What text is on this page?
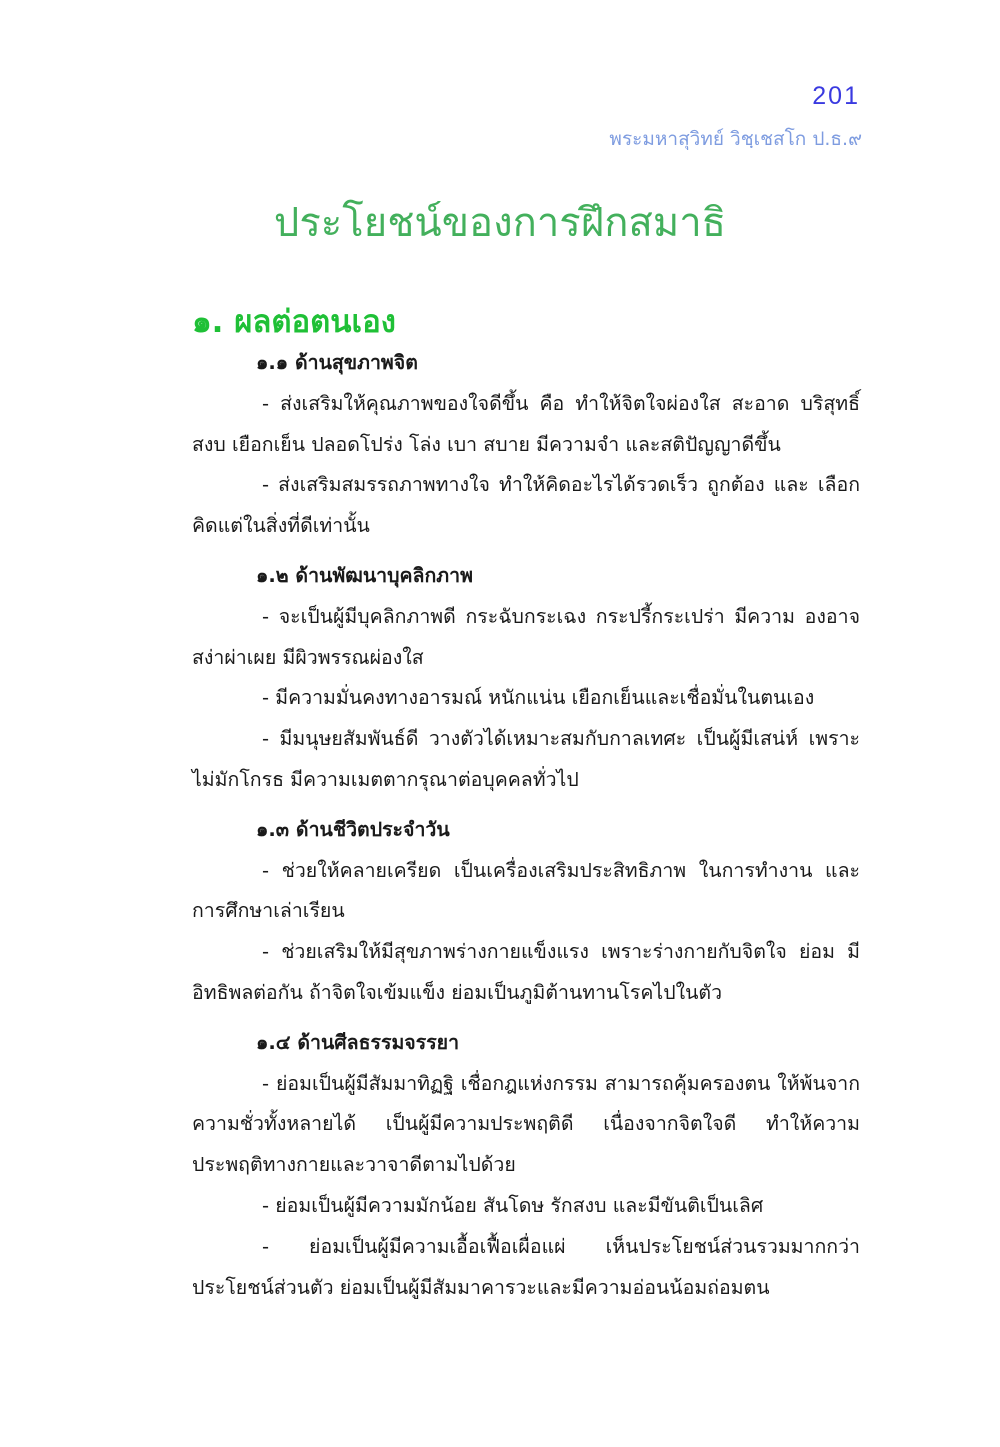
201
พระมหาสุวิทย์ วิชฺเชสโก ป.ธ.๙
ประโยชน์ของการฝึกสมาธิ
๑. ผลต่อตนเอง
๑.๑ ด้านสุขภาพจิต

- ส่งเสริมให้คุณภาพของใจดีขึ้น คือ ทำให้จิตใจผ่องใส สะอาด บริสุทธิ์ สงบ เยือกเย็น ปลอดโปร่ง โล่ง เบา สบาย มีความจำ และสติปัญญาดีขึ้น

- ส่งเสริมสมรรถภาพทางใจ ทำให้คิดอะไรได้รวดเร็ว ถูกต้อง และ เลือกคิดแต่ในสิ่งที่ดีเท่านั้น

๑.๒ ด้านพัฒนาบุคลิกภาพ

- จะเป็นผู้มีบุคลิกภาพดี กระฉับกระเฉง กระปรี้กระเปร่า มีความ องอาจสง่าผ่าเผย มีผิวพรรณผ่องใส

- มีความมั่นคงทางอารมณ์ หนักแน่น เยือกเย็นและเชื่อมั่นในตนเอง

- มีมนุษยสัมพันธ์ดี วางตัวได้เหมาะสมกับกาลเทศะ เป็นผู้มีเสน่ห์ เพราะไม่มักโกรธ มีความเมตตากรุณาต่อบุคคลทั่วไป

๑.๓ ด้านชีวิตประจำวัน

- ช่วยให้คลายเครียด เป็นเครื่องเสริมประสิทธิภาพ ในการทำงาน และการศึกษาเล่าเรียน

- ช่วยเสริมให้มีสุขภาพร่างกายแข็งแรง เพราะร่างกายกับจิตใจ ย่อม มีอิทธิพลต่อกัน ถ้าจิตใจเข้มแข็ง ย่อมเป็นภูมิต้านทานโรคไปในตัว

๑.๔ ด้านศีลธรรมจรรยา

- ย่อมเป็นผู้มีสัมมาทิฏฐิ เชื่อกฎแห่งกรรม สามารถคุ้มครองตน ให้พ้นจากความชั่วทั้งหลายได้ เป็นผู้มีความประพฤติดี เนื่องจากจิตใจดี ทำให้ความประพฤติทางกายและวาจาดีตามไปด้วย

- ย่อมเป็นผู้มีความมักน้อย สันโดษ รักสงบ และมีขันติเป็นเลิศ

- ย่อมเป็นผู้มีความเอื้อเฟื้อเผื่อแผ่ เห็นประโยชน์ส่วนรวมมากกว่า ประโยชน์ส่วนตัว ย่อมเป็นผู้มีสัมมาคารวะและมีความอ่อนน้อมถ่อมตน
